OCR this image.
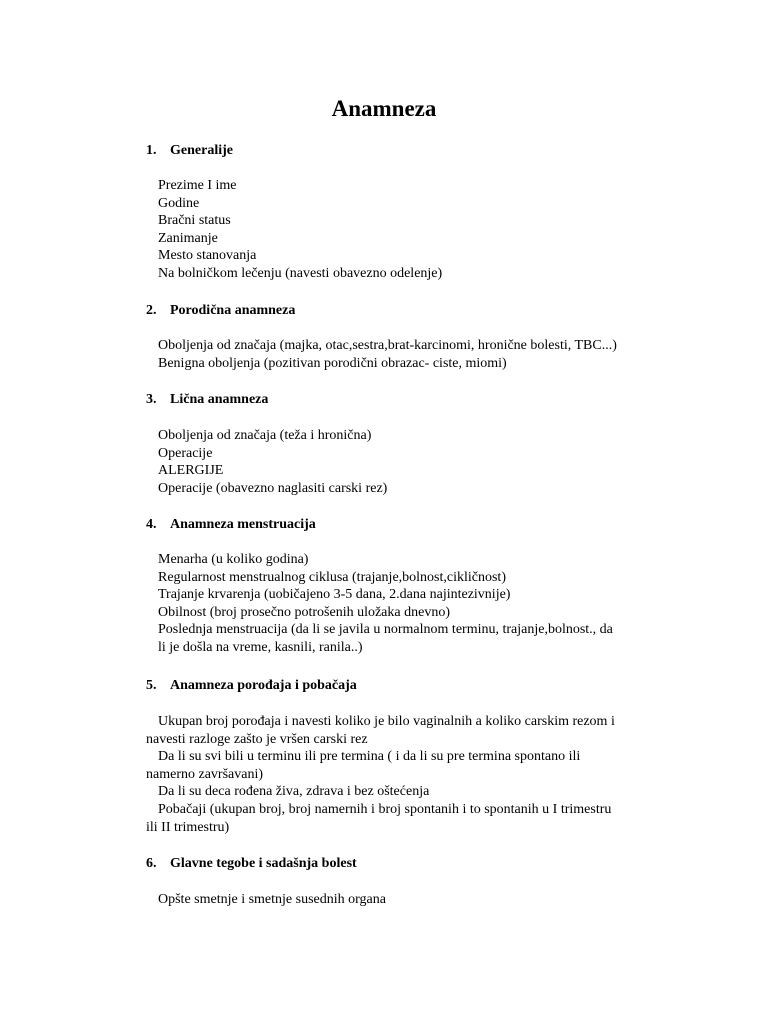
Anamneza
1. Generalije
Prezime I ime
Godine
Bračni status
Zanimanje
Mesto stanovanja
Na bolničkom lečenju (navesti obavezno odelenje)
2. Porodična anamneza
Oboljenja od značaja (majka, otac,sestra,brat-karcinomi, hronične bolesti, TBC...)
Benigna oboljenja (pozitivan porodični obrazac- ciste, miomi)
3. Lična anamneza
Oboljenja od značaja (teža i hronična)
Operacije
ALERGIJE
Operacije (obavezno naglasiti carski rez)
4. Anamneza menstruacija
Menarha (u koliko godina)
Regularnost menstrualnog ciklusa (trajanje,bolnost,cikličnost)
Trajanje krvarenja (uobičajeno 3-5 dana, 2.dana najintezivnije)
Obilnost (broj prosečno potrošenih uložaka dnevno)
Poslednja menstruacija (da li se javila u normalnom terminu, trajanje,bolnost., da
li je došla na vreme, kasnili, ranila..)
5. Anamneza porođaja i pobačaja
Ukupan broj porođaja i navesti koliko je bilo vaginalnih a koliko carskim rezom i
navesti razloge zašto je vršen carski rez
Da li su svi bili u terminu ili pre termina ( i da li su pre termina spontano ili
namerno završavani)
Da li su deca rođena živa, zdrava i bez oštećenja
Pobačaji (ukupan broj, broj namernih i broj spontanih i to spontanih u I trimestru
ili II trimestru)
6. Glavne tegobe i sadašnja bolest
Opšte smetnje i smetnje susednih organa
